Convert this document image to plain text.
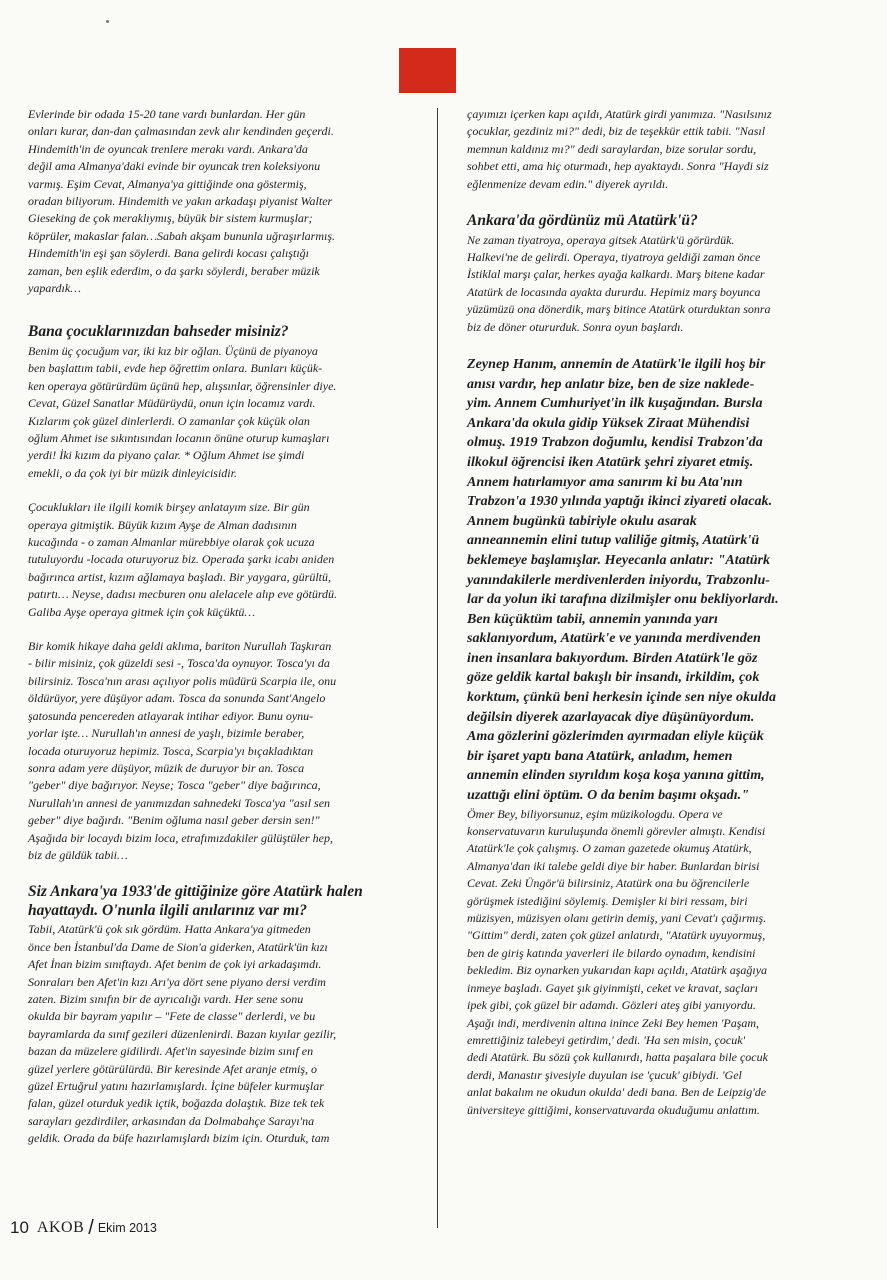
Evlerinde bir odada 15-20 tane vardı bunlardan. Her gün
onları kurar, dan-dan çalmasından zevk alır kendinden geçerdi.
Hindemith'in de oyuncak trenlere merakı vardı. Ankara'da
değil ama Almanya'daki evinde bir oyuncak tren koleksiyonu
varmış. Eşim Cevat, Almanya'ya gittiğinde ona göstermiş,
oradan biliyorum. Hindemith ve yakın arkadaşı piyanist Walter
Gieseking de çok meraklıymış, büyük bir sistem kurmuşlar;
köprüler, makaslar falan…Sabah akşam bununla uğraşırlarmış.
Hindemith'in eşi şan söylerdi. Bana gelirdi kocası çalıştığı
zaman, ben eşlik ederdim, o da şarkı söylerdi, beraber müzik
yapardık…

Bana çocuklarınızdan bahseder misiniz?

Benim üç çocuğum var, iki kız bir oğlan. Üçünü de piyanoya
ben başlattım tabii, evde hep öğrettim onlara. Bunları küçük-
ken operaya götürürdüm üçünü hep, alışsınlar, öğrensinler diye.
Cevat, Güzel Sanatlar Müdürüydü, onun için locamız vardı.
Kızlarım çok güzel dinlerlerdi. O zamanlar çok küçük olan
oğlum Ahmet ise sıkıntısından locanın önüne oturup kumaşları
yerdi! İki kızım da piyano çalar. * Oğlum Ahmet ise şimdi
emekli, o da çok iyi bir müzik dinleyicisidir.

Çocuklukları ile ilgili komik birşey anlatayım size. Bir gün
operaya gitmiştik. Büyük kızım Ayşe de Alman dadısının
kucağında - o zaman Almanlar mürebbiye olarak çok ucuza
tutuluyordu -locada oturuyoruz biz. Operada şarkı icabı aniden
bağırınca artist, kızım ağlamaya başladı. Bir yaygara, gürültü,
patırtı… Neyse, dadısı mecburen onu alelacele alıp eve götürdü.
Galiba Ayşe operaya gitmek için çok küçüktü…

Bir komik hikaye daha geldi aklıma, bariton Nurullah Taşkıran
- bilir misiniz, çok güzeldi sesi -, Tosca'da oynuyor. Tosca'yı da
bilirsiniz. Tosca'nın arası açılıyor polis müdürü Scarpia ile, onu
öldürüyor, yere düşüyor adam. Tosca da sonunda Sant'Angelo
şatosunda pencereden atlayarak intihar ediyor. Bunu oynu-
yorlar işte… Nurullah'ın annesi de yaşlı, bizimle beraber,
locada oturuyoruz hepimiz. Tosca, Scarpia'yı bıçakladıktan
sonra adam yere düşüyor, müzik de duruyor bir an. Tosca
"geber" diye bağırıyor. Neyse; Tosca "geber" diye bağırınca,
Nurullah'ın annesi de yanımızdan sahnedeki Tosca'ya "asıl sen
geber" diye bağırdı. "Benim oğluma nasıl geber dersin sen!"
Aşağıda bir locaydı bizim loca, etrafımızdakiler gülüştüler hep,
biz de güldük tabii…

Siz Ankara'ya 1933'de gittiğinize göre Atatürk halen
hayattaydı. O'nunla ilgili anılarınız var mı?

Tabii, Atatürk'ü çok sık gördüm. Hatta Ankara'ya gitmeden
önce ben İstanbul'da Dame de Sion'a giderken, Atatürk'ün kızı
Afet İnan bizim sınıftaydı. Afet benim de çok iyi arkadaşımdı.
Sonraları ben Afet'in kızı Arı'ya dört sene piyano dersi verdim
zaten. Bizim sınıfın bir de ayrıcalığı vardı. Her sene sonu
okulda bir bayram yapılır – "Fete de classe" derlerdi, ve bu
bayramlarda da sınıf gezileri düzenlenirdi. Bazan kıyılar gezilir,
bazan da müzelere gidilirdi. Afet'in sayesinde bizim sınıf en
güzel yerlere götürülürdü. Bir keresinde Afet aranje etmiş, o
güzel Ertuğrul yatını hazırlamışlardı. İçine büfeler kurmuşlar
falan, güzel oturduk yedik içtik, boğazda dolaştık. Bize tek tek
sarayları gezdirdiler, arkasından da Dolmabahçe Sarayı'na
geldik. Orada da büfe hazırlamışlardı bizim için. Oturduk, tam

çayımızı içerken kapı açıldı, Atatürk girdi yanımıza. "Nasılsınız
çocuklar, gezdiniz mi?" dedi, biz de teşekkür ettik tabii. "Nasıl
memnun kaldınız mı?" dedi saraylardan, bize sorular sordu,
sohbet etti, ama hiç oturmadı, hep ayaktaydı. Sonra "Haydi siz
eğlenmenize devam edin." diyerek ayrıldı.

Ankara'da gördünüz mü Atatürk'ü?

Ne zaman tiyatroya, operaya gitsek Atatürk'ü görürdük.
Halkevi'ne de gelirdi. Operaya, tiyatroya geldiği zaman önce
İstiklal marşı çalar, herkes ayağa kalkardı. Marş bitene kadar
Atatürk de locasında ayakta dururdu. Hepimiz marş boyunca
yüzümüzü ona dönerdik, marş bitince Atatürk oturduktan sonra
biz de döner otururduk. Sonra oyun başlardı.

Zeynep Hanım, annemin de Atatürk'le ilgili hoş bir
anısı vardır, hep anlatır bize, ben de size naklede-
yim. Annem Cumhuriyet'in ilk kuşağından. Bursla
Ankara'da okula gidip Yüksek Ziraat Mühendisi
olmuş. 1919 Trabzon doğumlu, kendisi Trabzon'da
ilkokul öğrencisi iken Atatürk şehri ziyaret etmiş.
Annem hatırlamıyor ama sanırım ki bu Ata'nın
Trabzon'a 1930 yılında yaptığı ikinci ziyareti olacak.
Annem bugünkü tabiriyle okulu asarak
anneannemin elini tutup valiliğe gitmiş, Atatürk'ü
beklemeye başlamışlar. Heyecanla anlatır: "Atatürk
yanındakilerle merdivenlerden iniyordu, Trabzonlu-
lar da yolun iki tarafına dizilmişler onu bekliyorlardı.
Ben küçüktüm tabii, annemin yanında yarı
saklanıyordum, Atatürk'e ve yanında merdivenden
inen insanlara bakıyordum. Birden Atatürk'le göz
göze geldik kartal bakışlı bir insandı, irkildim, çok
korktum, çünkü beni herkesin içinde sen niye okulda
değilsin diyerek azarlayacak diye düşünüyordum.
Ama gözlerini gözlerimden ayırmadan eliyle küçük
bir işaret yaptı bana Atatürk, anladım, hemen
annemin elinden sıyrıldım koşa koşa yanına gittim,
uzattığı elini öptüm. O da benim başımı okşadı."

Ömer Bey, biliyorsunuz, eşim müzikologdu. Opera ve
konservatuvarın kuruluşunda önemli görevler almıştı. Kendisi
Atatürk'le çok çalışmış. O zaman gazetede okumuş Atatürk,
Almanya'dan iki talebe geldi diye bir haber. Bunlardan birisi
Cevat. Zeki Üngör'ü bilirsiniz, Atatürk ona bu öğrencilerle
görüşmek istediğini söylemiş. Demişler ki biri ressam, biri
müzisyen, müzisyen olanı getirin demiş, yani Cevat'ı çağırmış.
"Gittim" derdi, zaten çok güzel anlatırdı, "Atatürk uyuyormuş,
ben de giriş katında yaverleri ile bilardo oynadım, kendisini
bekledim. Biz oynarken yukarıdan kapı açıldı, Atatürk aşağıya
inmeye başladı. Gayet şık giyinmişti, ceket ve kravat, saçları
ipek gibi, çok güzel bir adamdı. Gözleri ateş gibi yanıyordu.
Aşağı indi, merdivenin altına inince Zeki Bey hemen 'Paşam,
emrettiğiniz talebeyi getirdim,' dedi. 'Ha sen misin, çocuk'
dedi Atatürk. Bu sözü çok kullanırdı, hatta paşalara bile çocuk
derdi, Manastır şivesiyle duyulan ise 'çucuk' gibiydi. 'Gel
anlat bakalım ne okudun okulda' dedi bana. Ben de Leipzig'de
üniversiteye gittiğimi, konservatuvarda okuduğumu anlattım.

10 AKOB / Ekim 2013
